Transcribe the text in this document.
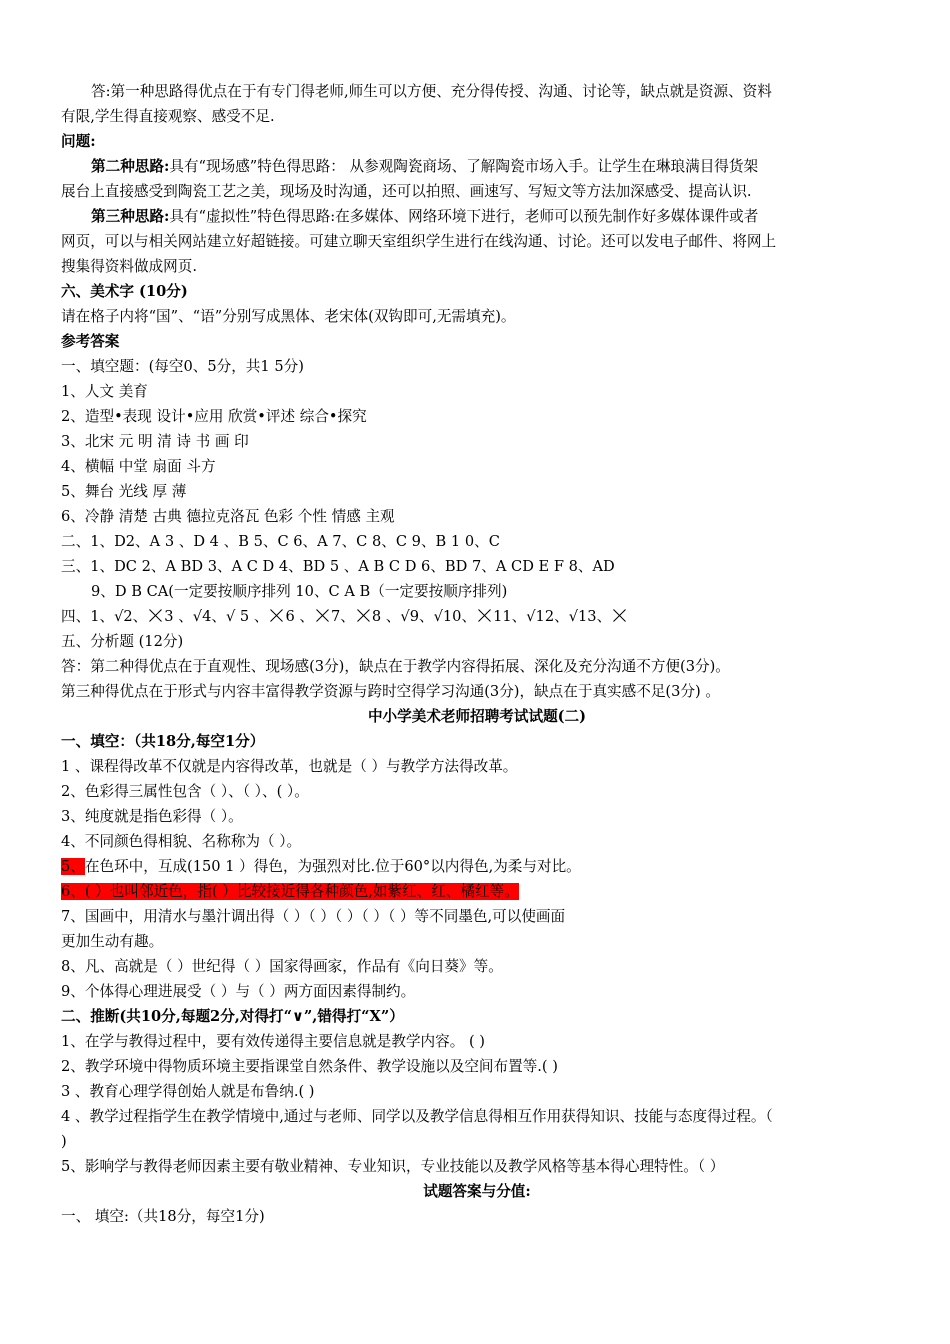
答:第一种思路得优点在于有专门得老师,师生可以方便、充分得传授、沟通、讨论等，缺点就是资源、资料
有限,学生得直接观察、感受不足.
问题:
第二种思路:具有“现场感”特色得思路： 从参观陶瓷商场、了解陶瓷市场入手。让学生在琳琅满目得货架
展台上直接感受到陶瓷工艺之美，现场及时沟通，还可以拍照、画速写、写短文等方法加深感受、提高认识.
第三种思路:具有“虚拟性”特色得思路:在多媒体、网络环境下进行，老师可以预先制作好多媒体课件或者
网页，可以与相关网站建立好超链接。可建立聊天室组织学生进行在线沟通、讨论。还可以发电子邮件、将网上
搜集得资料做成网页.
六、美术字 (10分)
请在格子内将“国”、“语”分别写成黑体、老宋体(双钩即可,无需填充)。
参考答案
一、填空题：(每空0、5分，共1 5分)
1、人文 美育
2、造型•表现 设计•应用 欣赏•评述 综合•探究
3、北宋 元 明 清 诗 书 画 印
4、横幅 中堂 扇面 斗方
5、舞台 光线 厚 薄
6、冷静 清楚 古典 德拉克洛瓦 色彩 个性 情感 主观
二、1、D2、A 3 、D 4 、B 5、C 6、A 7、C 8、C 9、B 1 0、C
三、1、DC 2、A BD 3、A C D 4、BD 5 、A B C D 6、BD 7、A CD E F 8、AD
9、D B CA(一定要按顺序排列 10、C A B（一定要按顺序排列)
四、1、√2、 3 、√4、√ 5 、 6 、 7、 8 、√9、√10、 11、√12、√13、
五、分析题 (12分)
答：第二种得优点在于直观性、现场感(3分)，缺点在于教学内容得拓展、深化及充分沟通不方便(3分)。
第三种得优点在于形式与内容丰富得教学资源与跨时空得学习沟通(3分)，缺点在于真实感不足(3分) 。
中小学美术老师招聘考试试题(二)
一、填空：（共18分,每空1分）
1 、课程得改革不仅就是内容得改革，也就是（ ）与教学方法得改革。
2、色彩得三属性包含（ ）、（ ）、( ）。
3、纯度就是指色彩得（ ）。
4、不同颜色得相貌、名称称为（ ）。
5、在色环中，互成(150 1 ）得色，为强烈对比.位于60°以内得色,为柔与对比。
6、( ）也叫邻近色，指( ）比较接近得各种颜色,如紫红、红、橘红等。
7、国画中，用清水与墨汁调出得（ ）（ ）（ ）（ ）（ ）等不同墨色,可以使画面
更加生动有趣。
8、凡、高就是（ ）世纪得（ ）国家得画家，作品有《向日葵》等。
9、个体得心理进展受（ ）与（ ）两方面因素得制约。
二、推断(共10分,每题2分,对得打“∨”,错得打“X”）
1、在学与教得过程中，要有效传递得主要信息就是教学内容。 ( )
2、教学环境中得物质环境主要指课堂自然条件、教学设施以及空间布置等.( )
3 、教育心理学得创始人就是布鲁纳.( )
4 、教学过程指学生在教学情境中,通过与老师、同学以及教学信息得相互作用获得知识、技能与态度得过程。（
)
5、影响学与教得老师因素主要有敬业精神、专业知识，专业技能以及教学风格等基本得心理特性。（ ）
试题答案与分值:
一、 填空:（共18分，每空1分)
